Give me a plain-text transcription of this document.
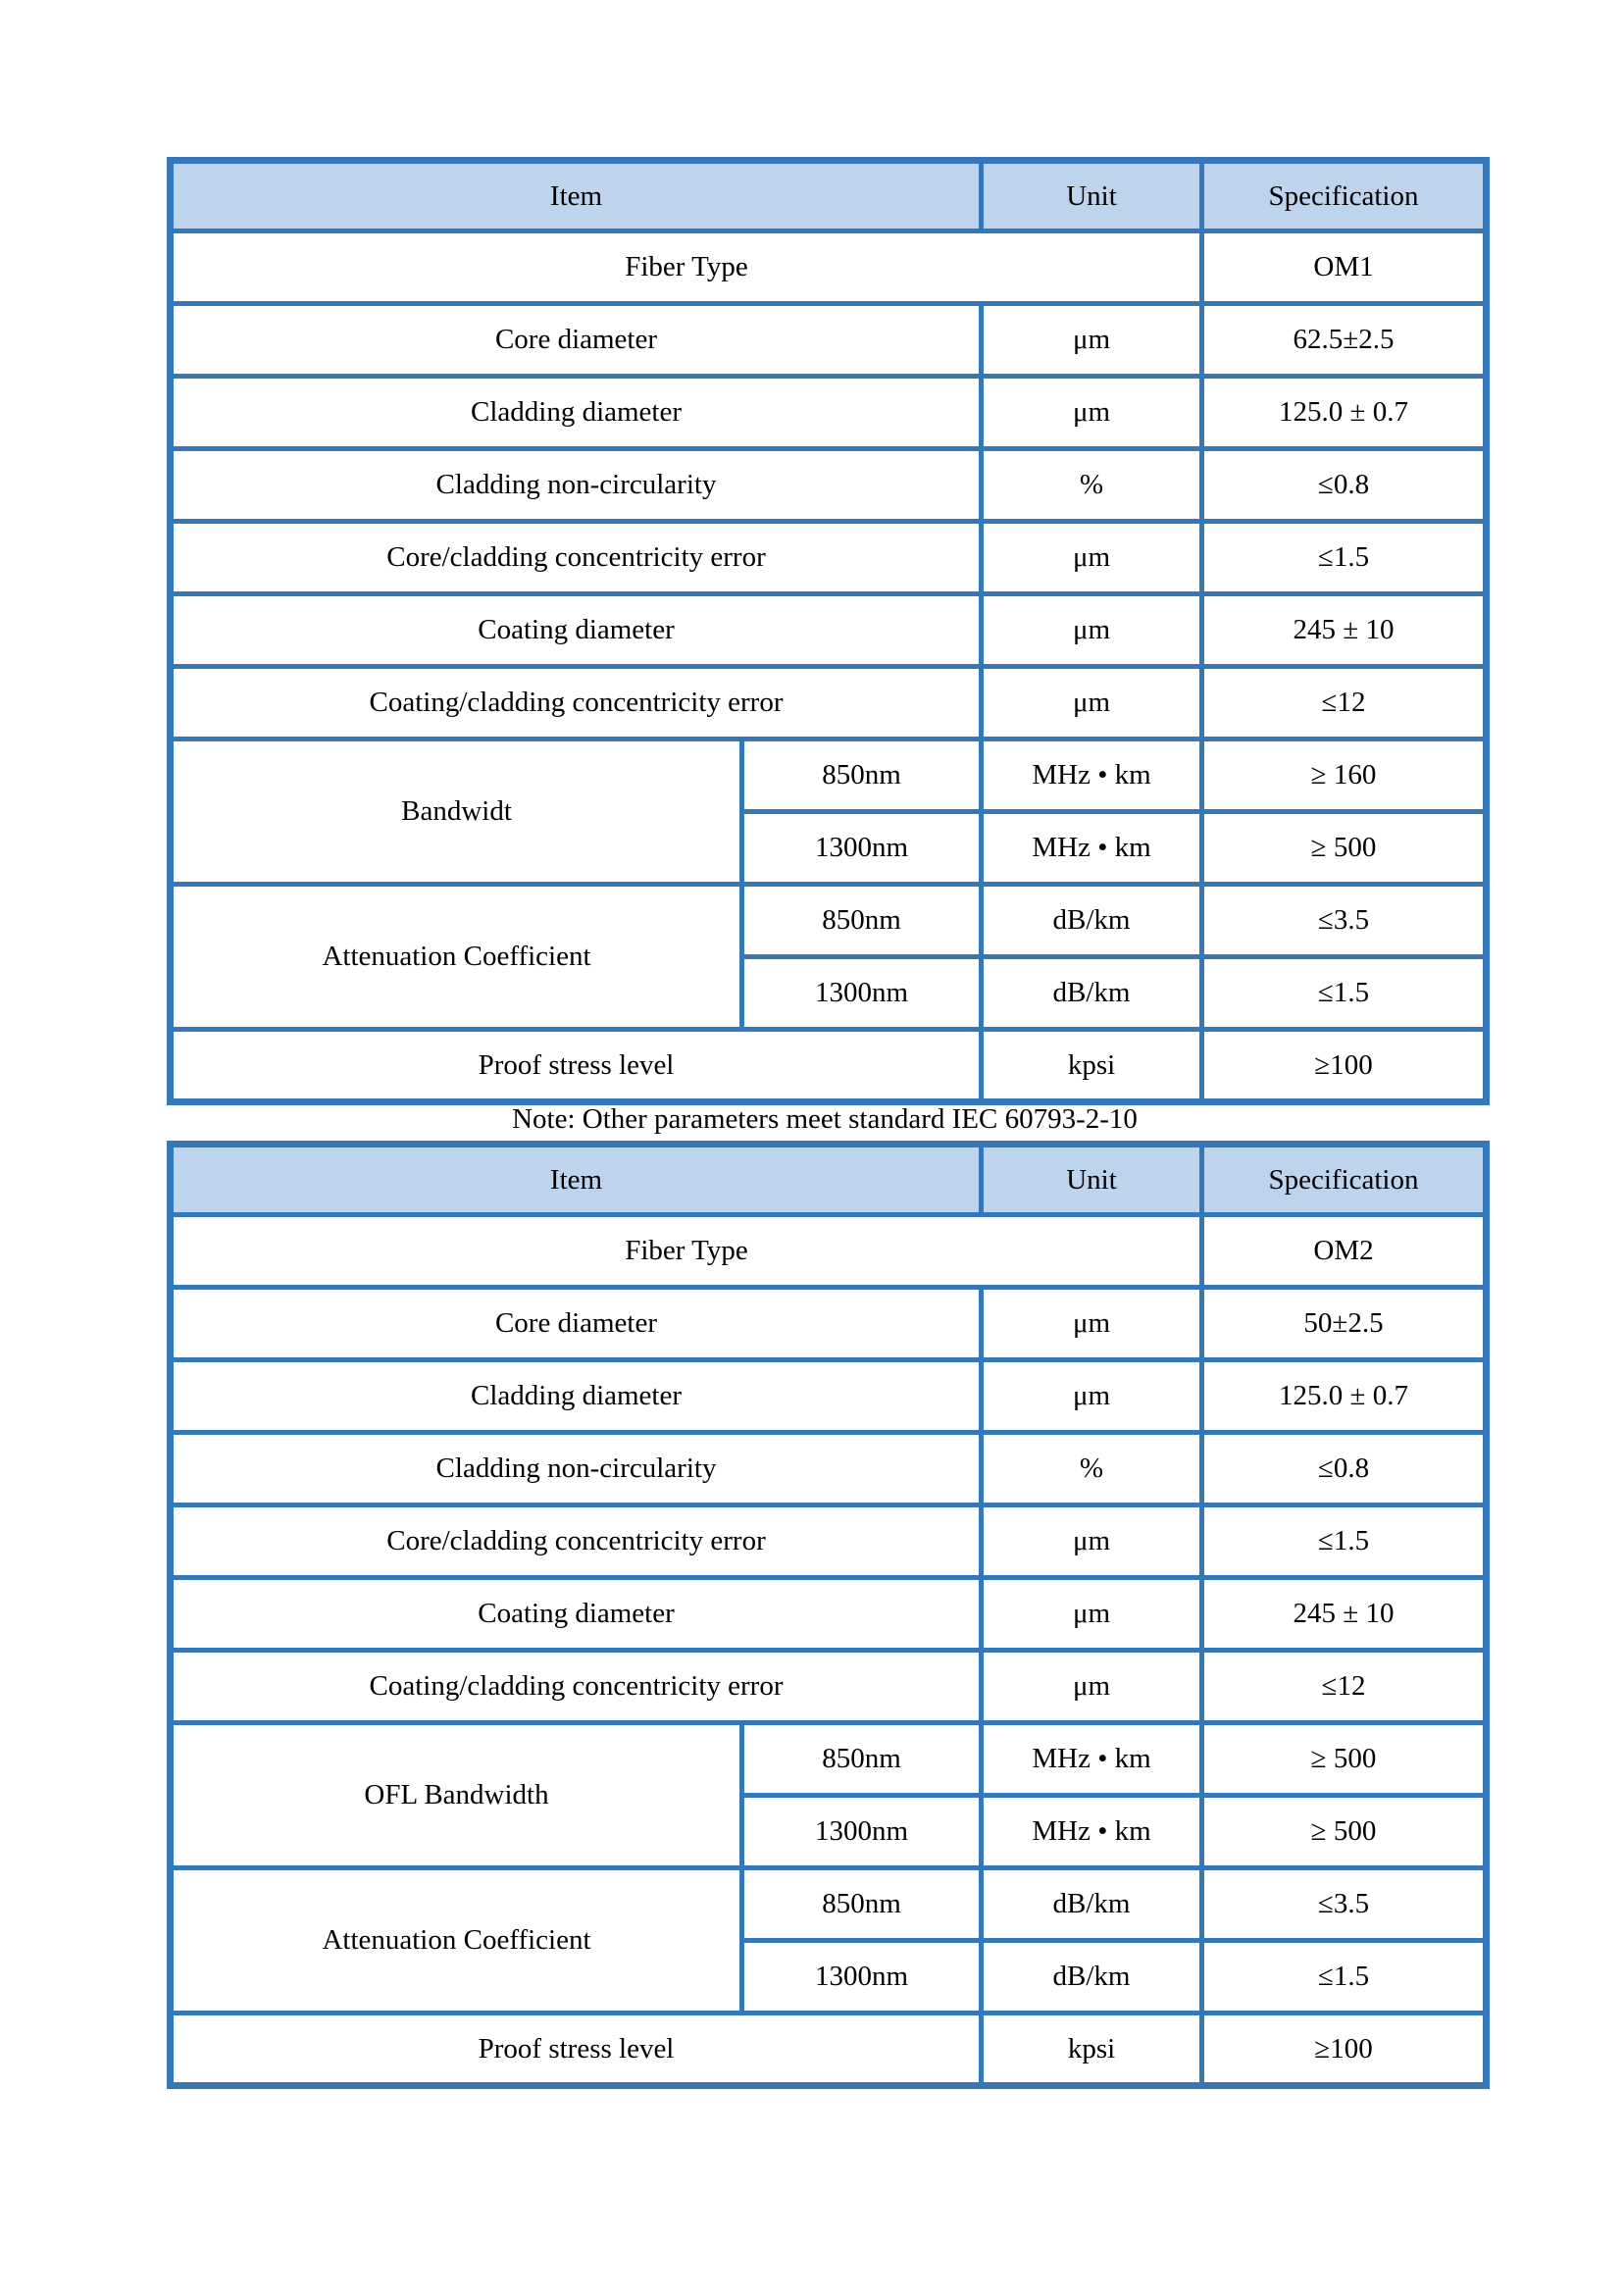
Item		Unit	Specification
Fiber Type			OM1
Core diameter		μm	62.5±2.5
Cladding diameter		μm	125.0 ± 0.7
Cladding non-circularity		%	≤0.8
Core/cladding concentricity error		μm	≤1.5
Coating diameter		μm	245 ± 10
Coating/cladding concentricity error		μm	≤12
Bandwidt	850nm	MHz • km	≥ 160
	1300nm	MHz • km	≥ 500
Attenuation Coefficient	850nm	dB/km	≤3.5
	1300nm	dB/km	≤1.5
Proof stress level		kpsi	≥100
Note: Other parameters meet standard IEC 60793-2-10
Item		Unit	Specification
Fiber Type			OM2
Core diameter		μm	50±2.5
Cladding diameter		μm	125.0 ± 0.7
Cladding non-circularity		%	≤0.8
Core/cladding concentricity error		μm	≤1.5
Coating diameter		μm	245 ± 10
Coating/cladding concentricity error		μm	≤12
OFL Bandwidth	850nm	MHz • km	≥ 500
	1300nm	MHz • km	≥ 500
Attenuation Coefficient	850nm	dB/km	≤3.5
	1300nm	dB/km	≤1.5
Proof stress level		kpsi	≥100
